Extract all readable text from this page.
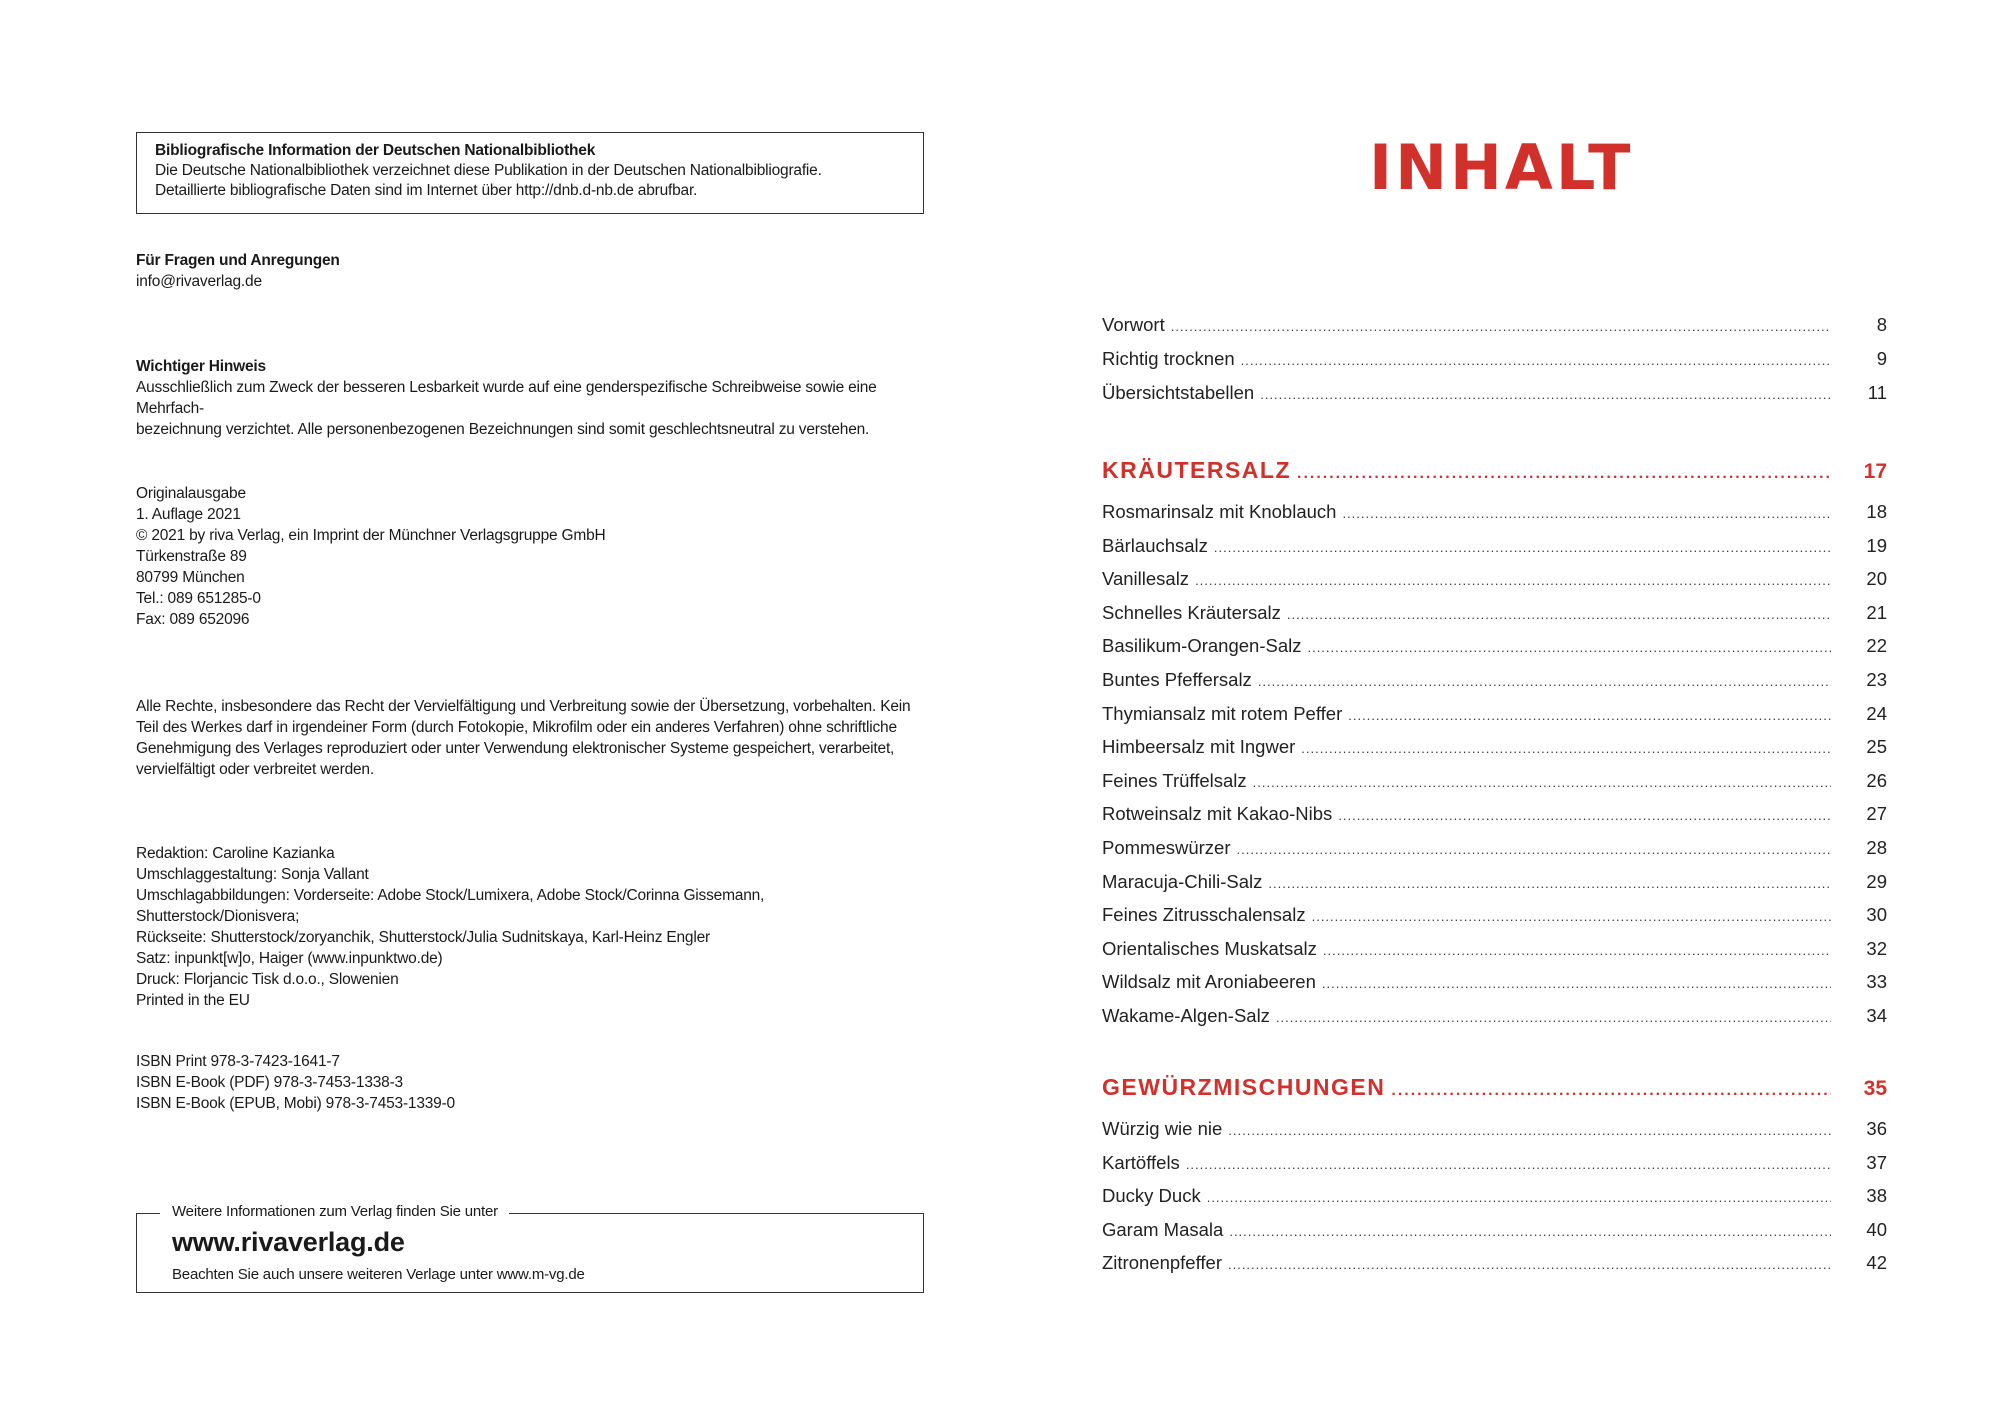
Bibliografische Information der Deutschen Nationalbibliothek
Die Deutsche Nationalbibliothek verzeichnet diese Publikation in der Deutschen Nationalbibliografie.
Detaillierte bibliografische Daten sind im Internet über http://dnb.d-nb.de abrufbar.
Für Fragen und Anregungen
info@rivaverlag.de
Wichtiger Hinweis
Ausschließlich zum Zweck der besseren Lesbarkeit wurde auf eine genderspezifische Schreibweise sowie eine Mehrfach-
bezeichnung verzichtet. Alle personenbezogenen Bezeichnungen sind somit geschlechtsneutral zu verstehen.
Originalausgabe
1. Auflage 2021
© 2021 by riva Verlag, ein Imprint der Münchner Verlagsgruppe GmbH
Türkenstraße 89
80799 München
Tel.: 089 651285-0
Fax: 089 652096
Alle Rechte, insbesondere das Recht der Vervielfältigung und Verbreitung sowie der Übersetzung, vorbehalten. Kein
Teil des Werkes darf in irgendeiner Form (durch Fotokopie, Mikrofilm oder ein anderes Verfahren) ohne schriftliche
Genehmigung des Verlages reproduziert oder unter Verwendung elektronischer Systeme gespeichert, verarbeitet,
vervielfältigt oder verbreitet werden.
Redaktion: Caroline Kazianka
Umschlaggestaltung: Sonja Vallant
Umschlagabbildungen: Vorderseite: Adobe Stock/Lumixera, Adobe Stock/Corinna Gissemann, Shutterstock/Dionisvera;
Rückseite: Shutterstock/zoryanchik, Shutterstock/Julia Sudnitskaya, Karl-Heinz Engler
Satz: inpunkt[w]o, Haiger (www.inpunktwo.de)
Druck: Florjancic Tisk d.o.o., Slowenien
Printed in the EU
ISBN Print 978-3-7423-1641-7
ISBN E-Book (PDF) 978-3-7453-1338-3
ISBN E-Book (EPUB, Mobi) 978-3-7453-1339-0
Weitere Informationen zum Verlag finden Sie unter
www.rivaverlag.de
Beachten Sie auch unsere weiteren Verlage unter www.m-vg.de
INHALT
Vorwort .....	8
Richtig trocknen .....	9
Übersichtstabellen .....	11
KRÄUTERSALZ .....	17
Rosmarinsalz mit Knoblauch .....	18
Bärlauchsalz .....	19
Vanillesalz .....	20
Schnelles Kräutersalz .....	21
Basilikum-Orangen-Salz .....	22
Buntes Pfeffersalz .....	23
Thymiansalz mit rotem Peffer .....	24
Himbeersalz mit Ingwer .....	25
Feines Trüffelsalz .....	26
Rotweinsalz mit Kakao-Nibs .....	27
Pommeswürzer .....	28
Maracuja-Chili-Salz .....	29
Feines Zitrusschalensalz .....	30
Orientalisches Muskatsalz .....	32
Wildsalz mit Aroniabeeren .....	33
Wakame-Algen-Salz .....	34
GEWÜRZMISCHUNGEN .....	35
Würzig wie nie .....	36
Kartöffels .....	37
Ducky Duck .....	38
Garam Masala .....	40
Zitronenpfeffer .....	42
